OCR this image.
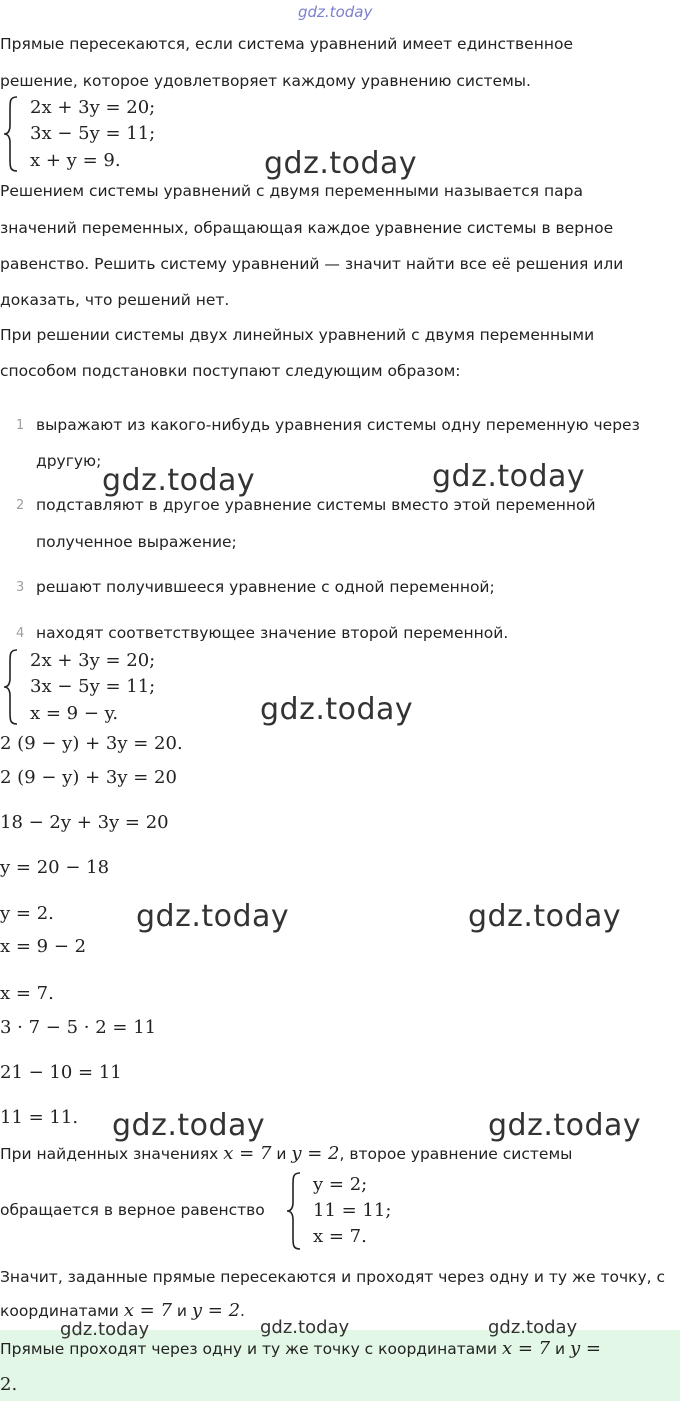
gdz.today
Прямые пересекаются, если система уравнений имеет единственное
решение, которое удовлетворяет каждому уравнению системы.
2x + 3y = 20;
3x − 5y = 11;
x + y = 9.	gdz.today
Решением системы уравнений с двумя переменными называется пара
значений переменных, обращающая каждое уравнение системы в верное
равенство. Решить систему уравнений — значит найти все её решения или
доказать, что решений нет.
При решении системы двух линейных уравнений с двумя переменными
способом подстановки поступают следующим образом:
1 выражают из какого-нибудь уравнения системы одну переменную через
другую;
gdz.today	gdz.today
2 подставляют в другое уравнение системы вместо этой переменной
полученное выражение;
3 решают получившееся уравнение с одной переменной;
4 находят соответствующее значение второй переменной.
2x + 3y = 20;
3x − 5y = 11;
x = 9 − y.	gdz.today
2 (9 − y) + 3y = 20.
2 (9 − y) + 3y = 20
18 − 2y + 3y = 20
y = 20 − 18
y = 2.	gdz.today	gdz.today
x = 9 − 2
x = 7.
3 · 7 − 5 · 2 = 11
21 − 10 = 11
11 = 11. gdz.today	gdz.today
При найденных значениях x = 7 и y = 2, второе уравнение системы
обращается в верное равенство
y = 2;
11 = 11;
x = 7.
Значит, заданные прямые пересекаются и проходят через одну и ту же точку, с
координатами x = 7 и y = 2.
Прямые проходят через одну и ту же точку с координатами x = 7 и y =
2.
gdz.today	gdz.today	gdz.today
